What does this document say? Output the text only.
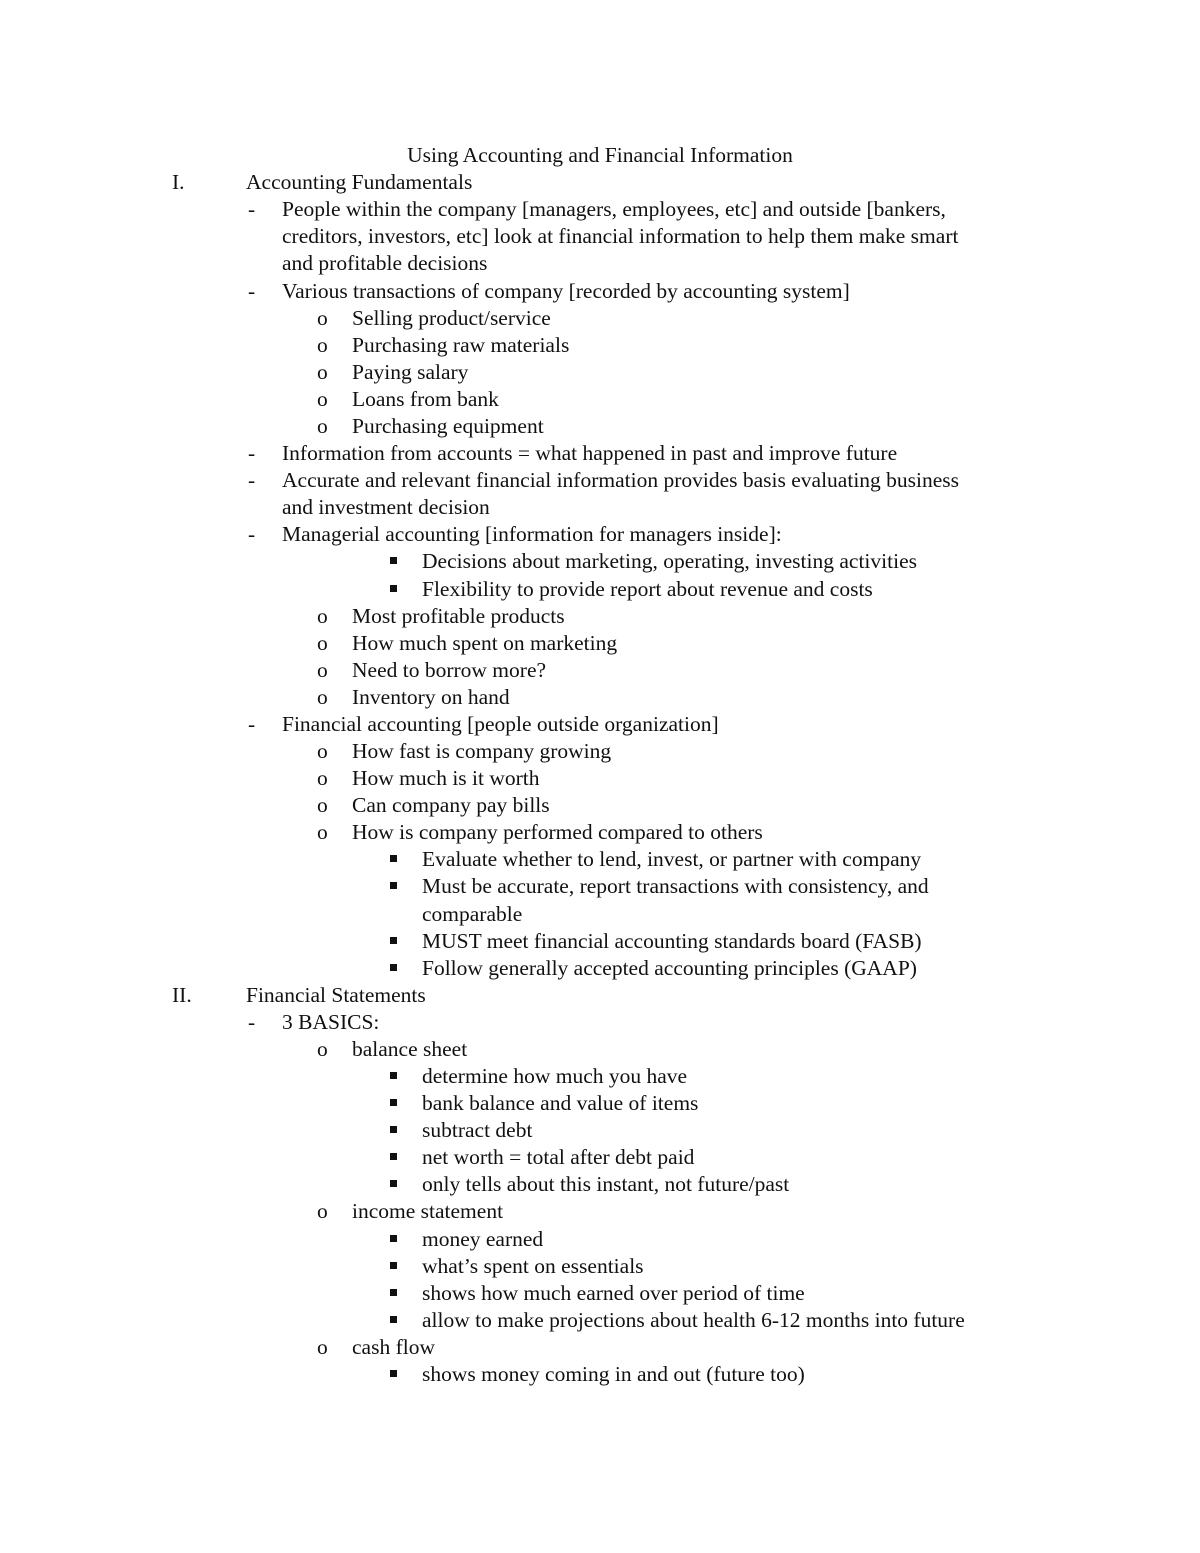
Using Accounting and Financial Information
I.	Accounting Fundamentals
- People within the company [managers, employees, etc] and outside [bankers,
creditors, investors, etc] look at financial information to help them make smart
and profitable decisions
- Various transactions of company [recorded by accounting system]
o Selling product/service
o Purchasing raw materials
o Paying salary
o Loans from bank
o Purchasing equipment
- Information from accounts = what happened in past and improve future
- Accurate and relevant financial information provides basis evaluating business
and investment decision
- Managerial accounting [information for managers inside]:
Decisions about marketing, operating, investing activities
Flexibility to provide report about revenue and costs
o Most profitable products
o How much spent on marketing
o Need to borrow more?
o Inventory on hand
- Financial accounting [people outside organization]
o How fast is company growing
o How much is it worth
o Can company pay bills
o How is company performed compared to others
Evaluate whether to lend, invest, or partner with company
Must be accurate, report transactions with consistency, and
comparable
MUST meet financial accounting standards board (FASB)
Follow generally accepted accounting principles (GAAP)
II.	Financial Statements
- 3 BASICS:
o balance sheet
determine how much you have
bank balance and value of items
subtract debt
net worth = total after debt paid
only tells about this instant, not future/past
o income statement
money earned
what’s spent on essentials
shows how much earned over period of time
allow to make projections about health 6-12 months into future
o cash flow
shows money coming in and out (future too)
